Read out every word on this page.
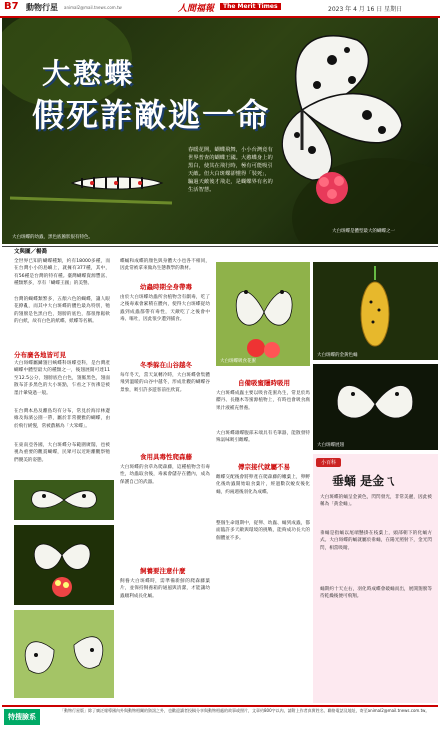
B7 動物行星 animal2@mail.tnews.com.tw	人間福報	The Merit Times	2023 年 4 月 16 日 星期日
大憨蝶
假死詐敵逃一命
春暖花開，蝴蝶飛舞，小小台灣竟有世界普查的蝴蝶王國。大憨蝶身上的黑白，使其在飛行時，極有可能吸引天敵。但大白斑蝶卻懂得「裝死」，騙過天敵後才飛走，是蝴蝶界有名的生活智慧。
大白斑蝶的幼蟲，黑色底蝕狀很有特色。
大白斑蝶是體型最大的蝴蝶之一
文與圖／楊喬
全世界已知的蝴蝶種類，約有18000多種，而在台灣小小的島嶼上，就擁有377種，其中，有56種是台灣的特有種。臺灣蝴蝶資源豐富、種類繁多，享有「蝴蝶王國」的美譽。
台灣的蝴蝶類繁多，五顏六色的蝴蝶，讓人眼花撩亂，而其中大白斑蝶的體色最為特別，牠的翅膀是色黑白色，翅膀的底色，都很像鬆軟的白紙，故有白色的紙蝶、紙蝶等名稱。
分布廣各地皆可見
大白斑蝶屬鱗翅目蛺蝶科斑蝶亞科，是台灣產蝴蝶中體型最大的種類之一，後翅展開可達11至12.5公分，翅膀底色白色，翅脈黑色，翅面散布許多黑色的大小斑點，乍看之下彷彿是被墨汁暈染過一般。
在台灣本島及離島均有分布，常見於海岸林邊緣及海濱公園一帶，屬於非常優雅的蝴蝶，由於飛行緩慢，常被戲稱為「大笨蝶」。
在東南亞各國，大白斑蝶分布範圍廣闊，也被視為重要的觀賞蝴蝶，民眾可以近距離觀察牠們優美的姿態。
蝶蛹和成蝶的顏色與身體大小也各不相同，因此常被拿來做為生態教學的教材。
幼蟲時期全身帶毒
由於大白斑蝶幼蟲所食植物含有劇毒，吃了之後毒素會累積在體內，使得大白斑蝶從幼蟲到成蟲都帶有毒性，天敵吃了之後會中毒、嘔吐，因此很少遭到捕食。
冬季躲在山谷越冬
每年冬天，當天氣轉冷時，大白斑蝶會集體飛到溫暖的山谷中越冬，形成壯觀的蝴蝶谷景象，吸引許多遊客前往欣賞。
食用具毒性爬森藤
大白斑蝶的食草為爬森藤，這種植物含有毒性，幼蟲取食後，毒素會儲存在體內，成為保護自己的武器。
飼養要注意什麼
飼養大白斑蝶時，需準備新鮮的爬森藤葉片，並保持飼養箱的通風與清潔，才能讓幼蟲順利成長化蛹。
大白斑蝶吸食花蜜
自備吸蜜隱時吸用
大白斑蝶成蟲主要以吸食花蜜為生，常見於馬纓丹、長穗木等蜜源植物上，有時也會吸食腐果汁液補充營養。
大白斑蝶雄蝶腹部末端具有毛筆器，能散發特殊氣味吸引雌蝶。
傳宗接代就屬不易
雌蝶交配後會將卵產在爬森藤的嫩葉上，卵孵化後幼蟲開始取食葉片，經過數次蛻皮後化蛹，約兩週後羽化為成蝶。
整個生命週期中，從卵、幼蟲、蛹到成蟲，都面臨許多天敵與環境的挑戰，能夠成功長大的個體並不多。
大白斑蝶的金黃色蛹
大白斑蝶展翅
小百科
垂蛹 是金ㄟ
大白斑蝶的蛹呈金黃色，閃閃發光，非常美麗，因此被稱為「黃金蛹」。
垂蛹是指蛹以尾端懸掛在枝葉上，頭部朝下的化蛹方式。大白斑蝶的蛹就屬於垂蛹，在陽光照射下，金光閃閃，相當吸睛。
蛹期約十天左右，羽化時成蝶會破蛹而出，展開翅膀等待乾燥後便可飛翔。
特搜臉系
「動物行星版」除了廣泛報導國內外與動物相關的資訊之外，也歡迎讀者投稿分享與動物相處的故事或照片，文章約800字以內，請附上作者真實姓名、聯絡電話及地址，寄至animal2@mail.tnews.com.tw。
